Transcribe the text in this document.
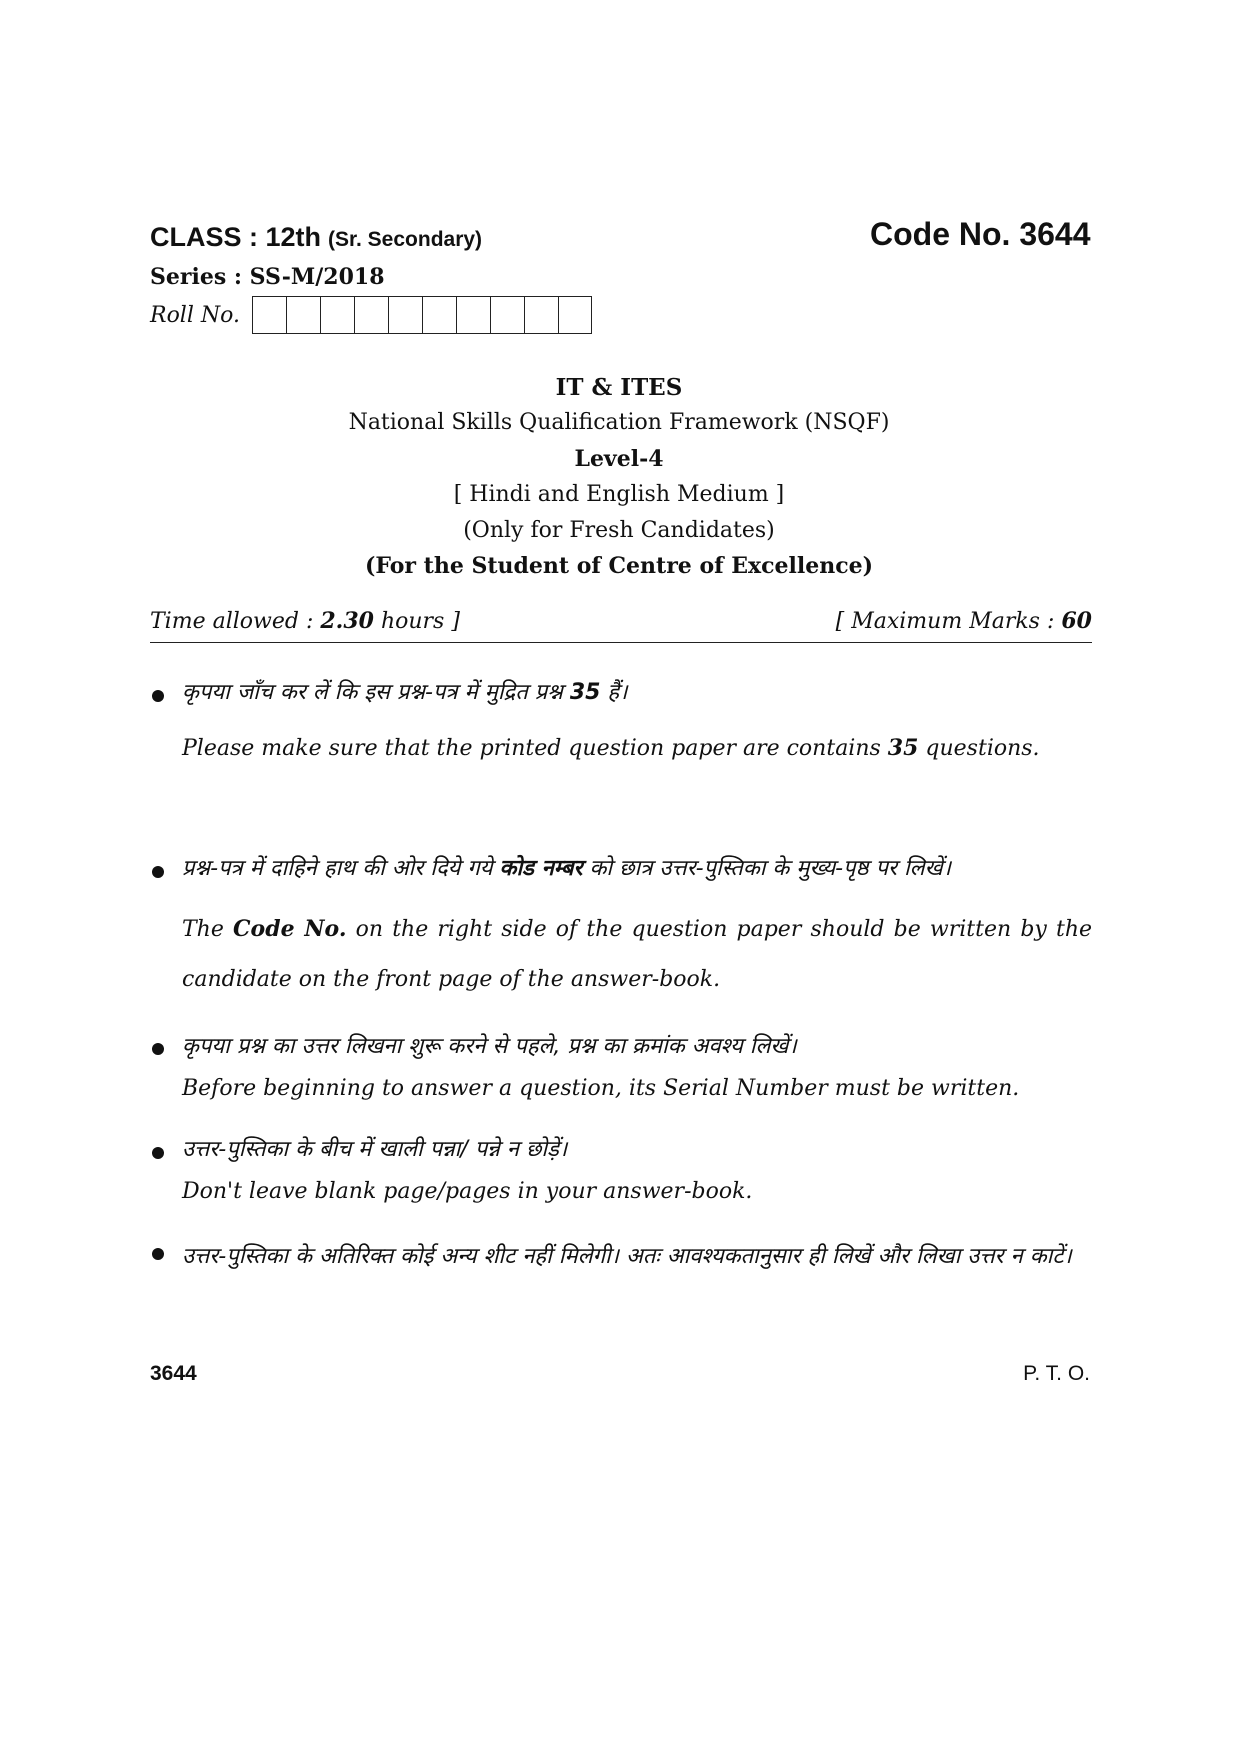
CLASS : 12th (Sr. Secondary)	Code No. 3644
Series : SS-M/2018
Roll No.
IT & ITES
National Skills Qualification Framework (NSQF)
Level-4
[ Hindi and English Medium ]
(Only for Fresh Candidates)
(For the Student of Centre of Excellence)
Time allowed : 2.30 hours ]	[ Maximum Marks : 60
कृपया जाँच कर लें कि इस प्रश्न-पत्र में मुद्रित प्रश्न 35 हैं।
Please make sure that the printed question paper are contains 35 questions.
प्रश्न-पत्र में दाहिने हाथ की ओर दिये गये कोड नम्बर को छात्र उत्तर-पुस्तिका के मुख्य-पृष्ठ पर लिखें।
The Code No. on the right side of the question paper should be written by the candidate on the front page of the answer-book.
कृपया प्रश्न का उत्तर लिखना शुरू करने से पहले, प्रश्न का क्रमांक अवश्य लिखें।
Before beginning to answer a question, its Serial Number must be written.
उत्तर-पुस्तिका के बीच में खाली पन्ना/ पन्ने न छोड़ें।
Don't leave blank page/pages in your answer-book.
उत्तर-पुस्तिका के अतिरिक्त कोई अन्य शीट नहीं मिलेगी। अतः आवश्यकतानुसार ही लिखें और लिखा उत्तर न काटें।
3644	P. T. O.
